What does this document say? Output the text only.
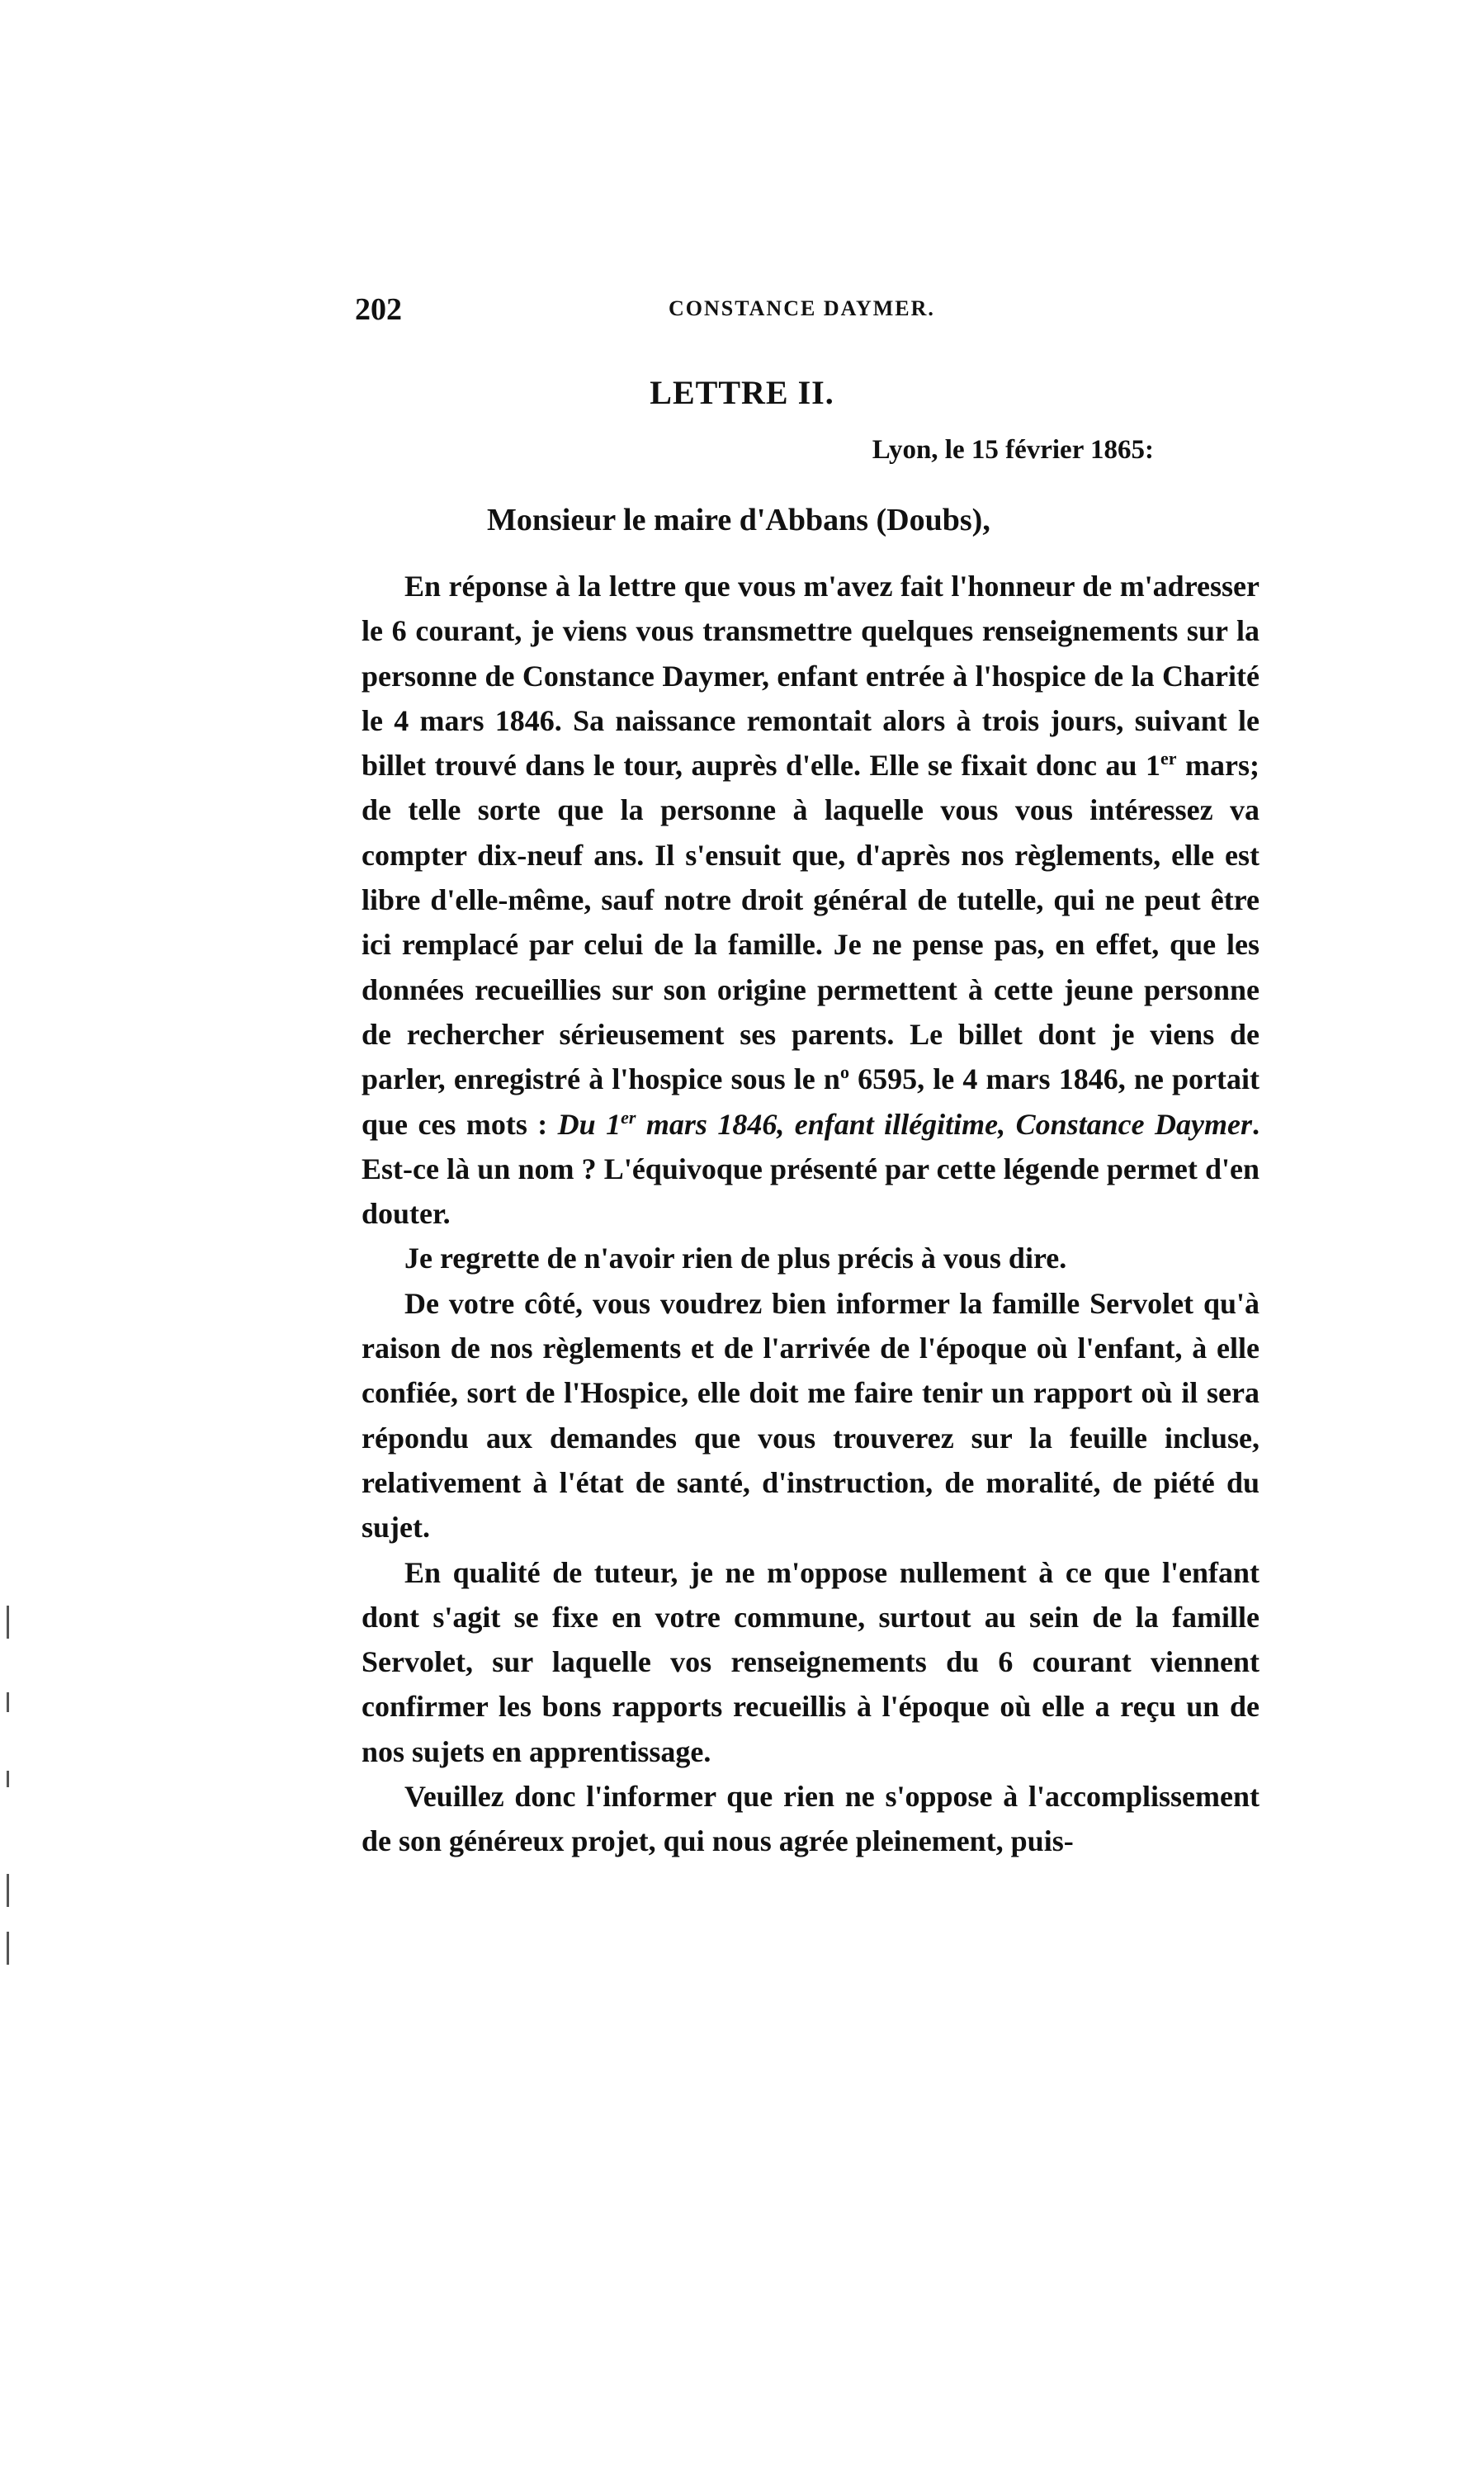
202	CONSTANCE DAYMER.
LETTRE II.
Lyon, le 15 février 1865:
Monsieur le maire d'Abbans (Doubs),

En réponse à la lettre que vous m'avez fait l'honneur de m'adresser le 6 courant, je viens vous transmettre quelques renseignements sur la personne de Constance Daymer, enfant entrée à l'hospice de la Charité le 4 mars 1846. Sa naissance remontait alors à trois jours, suivant le billet trouvé dans le tour, auprès d'elle. Elle se fixait donc au 1er mars; de telle sorte que la personne à laquelle vous vous intéressez va compter dix-neuf ans. Il s'ensuit que, d'après nos règlements, elle est libre d'elle-même, sauf notre droit général de tutelle, qui ne peut être ici remplacé par celui de la famille. Je ne pense pas, en effet, que les données recueillies sur son origine permettent à cette jeune personne de rechercher sérieusement ses parents. Le billet dont je viens de parler, enregistré à l'hospice sous le $n^o$ 6595, le 4 mars 1846, ne portait que ces mots : Du 1er mars 1846, enfant illégitime, Constance Daymer. Est-ce là un nom ? L'équivoque présenté par cette légende permet d'en douter.

Je regrette de n'avoir rien de plus précis à vous dire.

De votre côté, vous voudrez bien informer la famille Servolet qu'à raison de nos règlements et de l'arrivée de l'époque où l'enfant, à elle confiée, sort de l'Hospice, elle doit me faire tenir un rapport où il sera répondu aux demandes que vous trouverez sur la feuille incluse, relativement à l'état de santé, d'instruction, de moralité, de piété du sujet.

En qualité de tuteur, je ne m'oppose nullement à ce que l'enfant dont s'agit se fixe en votre commune, surtout au sein de la famille Servolet, sur laquelle vos renseignements du 6 courant viennent confirmer les bons rapports recueillis à l'époque où elle a reçu un de nos sujets en apprentissage.

Veuillez donc l'informer que rien ne s'oppose à l'accomplissement de son généreux projet, qui nous agrée pleinement, puis-
